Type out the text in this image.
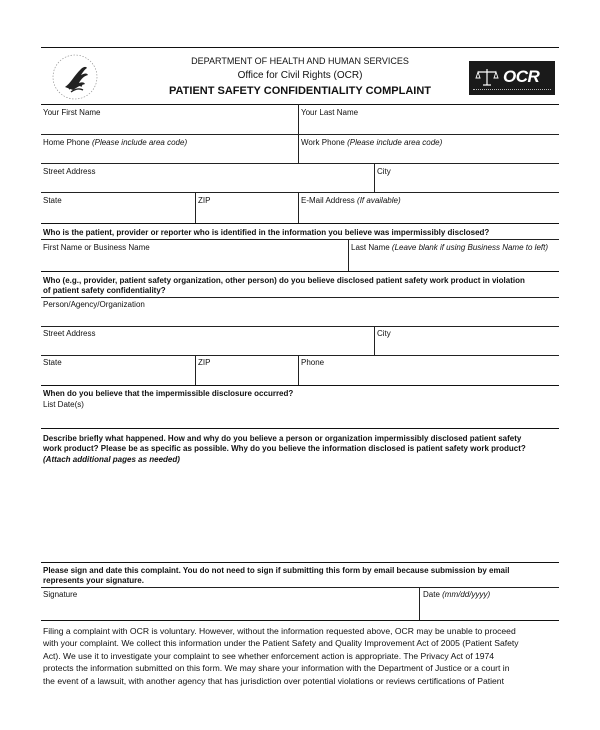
DEPARTMENT OF HEALTH AND HUMAN SERVICES
Office for Civil Rights (OCR)
PATIENT SAFETY CONFIDENTIALITY COMPLAINT
OCR
Your First Name	Your Last Name
Home Phone (Please include area code)	Work Phone (Please include area code)
Street Address	City
State	ZIP	E-Mail Address (If available)
Who is the patient, provider or reporter who is identified in the information you believe was impermissibly disclosed?
First Name or Business Name	Last Name (Leave blank if using Business Name to left)
Who (e.g., provider, patient safety organization, other person) do you believe disclosed patient safety work product in violation
of patient safety confidentiality?
Person/Agency/Organization
Street Address	City
State	ZIP	Phone
When do you believe that the impermissible disclosure occurred?
List Date(s)
Describe briefly what happened. How and why do you believe a person or organization impermissibly disclosed patient safety
work product? Please be as specific as possible. Why do you believe the information disclosed is patient safety work product?
(Attach additional pages as needed)
Please sign and date this complaint. You do not need to sign if submitting this form by email because submission by email
represents your signature.
Signature	Date (mm/dd/yyyy)
Filing a complaint with OCR is voluntary. However, without the information requested above, OCR may be unable to proceed
with your complaint. We collect this information under the Patient Safety and Quality Improvement Act of 2005 (Patient Safety
Act). We use it to investigate your complaint to see whether enforcement action is appropriate. The Privacy Act of 1974
protects the information submitted on this form. We may share your information with the Department of Justice or a court in
the event of a lawsuit, with another agency that has jurisdiction over potential violations or reviews certifications of Patient
